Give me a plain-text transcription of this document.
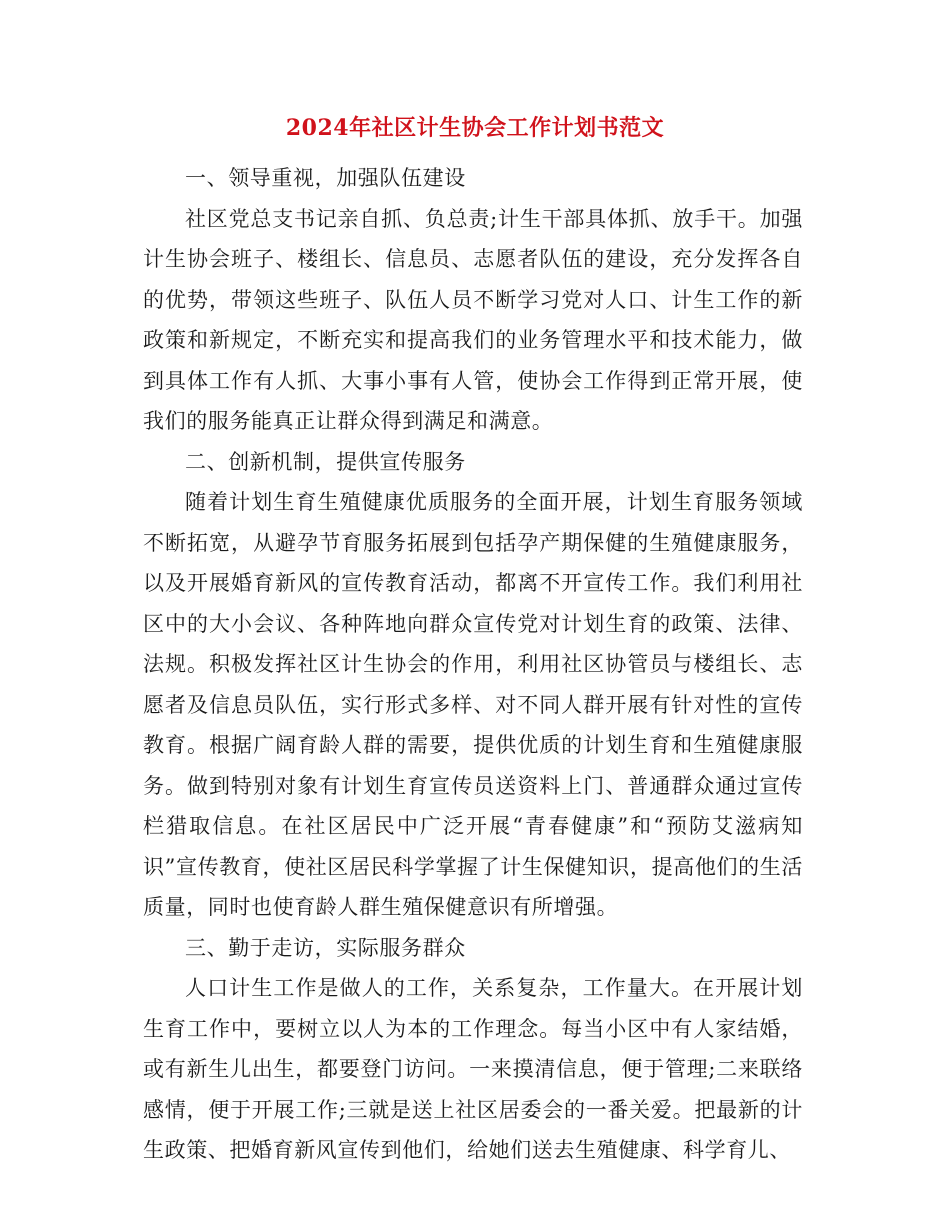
2024年社区计生协会工作计划书范文

一、领导重视，加强队伍建设

社区党总支书记亲自抓、负总责;计生干部具体抓、放手干。加强计生协会班子、楼组长、信息员、志愿者队伍的建设，充分发挥各自的优势，带领这些班子、队伍人员不断学习党对人口、计生工作的新政策和新规定，不断充实和提高我们的业务管理水平和技术能力，做到具体工作有人抓、大事小事有人管，使协会工作得到正常开展，使我们的服务能真正让群众得到满足和满意。

二、创新机制，提供宣传服务

随着计划生育生殖健康优质服务的全面开展，计划生育服务领域不断拓宽，从避孕节育服务拓展到包括孕产期保健的生殖健康服务，以及开展婚育新风的宣传教育活动，都离不开宣传工作。我们利用社区中的大小会议、各种阵地向群众宣传党对计划生育的政策、法律、法规。积极发挥社区计生协会的作用，利用社区协管员与楼组长、志愿者及信息员队伍，实行形式多样、对不同人群开展有针对性的宣传教育。根据广阔育龄人群的需要，提供优质的计划生育和生殖健康服务。做到特别对象有计划生育宣传员送资料上门、普通群众通过宣传栏猎取信息。在社区居民中广泛开展“青春健康”和“预防艾滋病知识”宣传教育，使社区居民科学掌握了计生保健知识，提高他们的生活质量，同时也使育龄人群生殖保健意识有所增强。

三、勤于走访，实际服务群众

人口计生工作是做人的工作，关系复杂，工作量大。在开展计划生育工作中，要树立以人为本的工作理念。每当小区中有人家结婚，或有新生儿出生，都要登门访问。一来摸清信息，便于管理;二来联络感情，便于开展工作;三就是送上社区居委会的一番关爱。把最新的计生政策、把婚育新风宣传到他们，给她们送去生殖健康、科学育儿、
